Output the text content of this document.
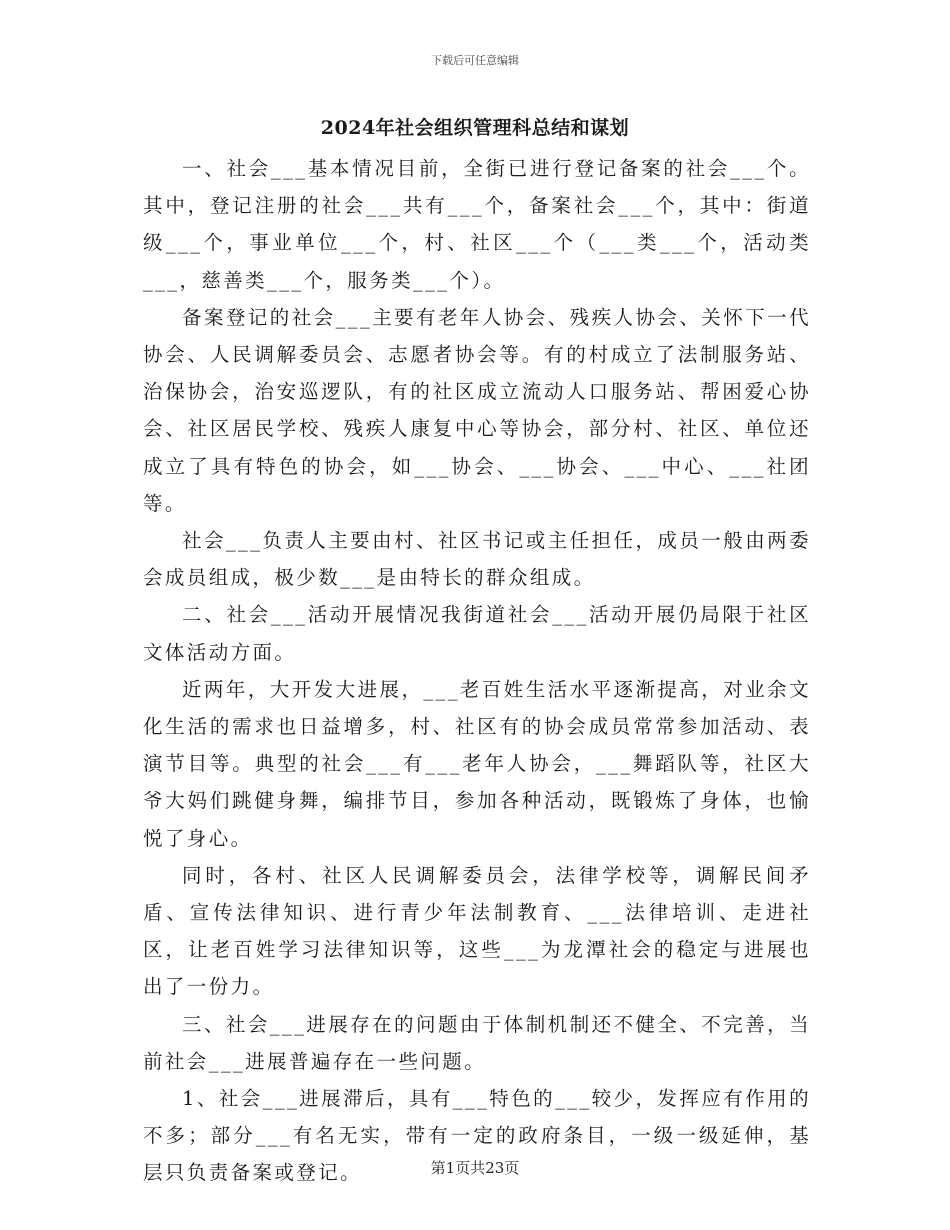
下载后可任意编辑
2024年社会组织管理科总结和谋划

一、社会___基本情况目前，全街已进行登记备案的社会___个。其中，登记注册的社会___共有___个，备案社会___个，其中：街道级___个，事业单位___个，村、社区___个（___类___个，活动类___，慈善类___个，服务类___个）。

备案登记的社会___主要有老年人协会、残疾人协会、关怀下一代协会、人民调解委员会、志愿者协会等。有的村成立了法制服务站、治保协会，治安巡逻队，有的社区成立流动人口服务站、帮困爱心协会、社区居民学校、残疾人康复中心等协会，部分村、社区、单位还成立了具有特色的协会，如___协会、___协会、___中心、___社团等。

社会___负责人主要由村、社区书记或主任担任，成员一般由两委会成员组成，极少数___是由特长的群众组成。

二、社会___活动开展情况我街道社会___活动开展仍局限于社区文体活动方面。

近两年，大开发大进展，___老百姓生活水平逐渐提高，对业余文化生活的需求也日益增多，村、社区有的协会成员常常参加活动、表演节目等。典型的社会___有___老年人协会，___舞蹈队等，社区大爷大妈们跳健身舞，编排节目，参加各种活动，既锻炼了身体，也愉悦了身心。

同时，各村、社区人民调解委员会，法律学校等，调解民间矛盾、宣传法律知识、进行青少年法制教育、___法律培训、走进社区，让老百姓学习法律知识等，这些___为龙潭社会的稳定与进展也出了一份力。

三、社会___进展存在的问题由于体制机制还不健全、不完善，当前社会___进展普遍存在一些问题。

1、社会___进展滞后，具有___特色的___较少，发挥应有作用的不多；部分___有名无实，带有一定的政府条目，一级一级延伸，基层只负责备案或登记。	第1页共23页
